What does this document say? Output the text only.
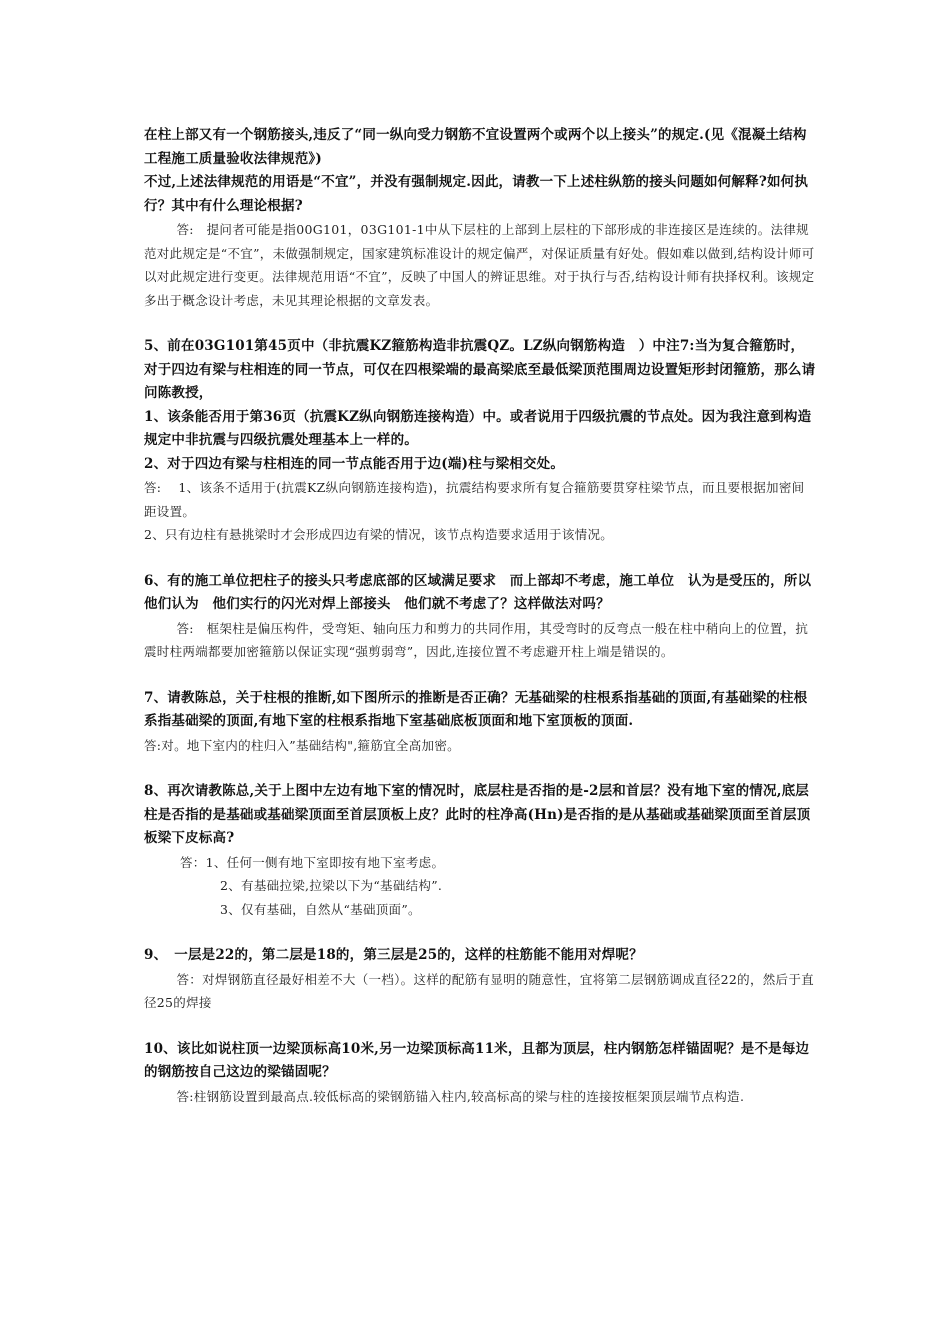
在柱上部又有一个钢筋接头,违反了“同一纵向受力钢筋不宜设置两个或两个以上接头”的规定.(见《混凝土结构工程施工质量验收法律规范》)

不过,上述法律规范的用语是“不宜”，并没有强制规定.因此，请教一下上述柱纵筋的接头问题如何解释?如何执行？其中有什么理论根据?

答:　提问者可能是指00G101，03G101-1中从下层柱的上部到上层柱的下部形成的非连接区是连续的。法律规范对此规定是“不宜”，未做强制规定，国家建筑标准设计的规定偏严，对保证质量有好处。假如难以做到,结构设计师可以对此规定进行变更。法律规范用语“不宜”，反映了中国人的辨证思维。对于执行与否,结构设计师有抉择权利。该规定多出于概念设计考虑，未见其理论根据的文章发表。

5、前在03G101第45页中（非抗震KZ箍筋构造非抗震QZ。LZ纵向钢筋构造　）中注7:当为复合箍筋时，对于四边有梁与柱相连的同一节点，可仅在四根梁端的最高梁底至最低梁顶范围周边设置矩形封闭箍筋，那么请问陈教授，

1、该条能否用于第36页（抗震KZ纵向钢筋连接构造）中。或者说用于四级抗震的节点处。因为我注意到构造规定中非抗震与四级抗震处理基本上一样的。

2、对于四边有梁与柱相连的同一节点能否用于边(端)柱与梁相交处。

答:　 1、该条不适用于(抗震KZ纵向钢筋连接构造)，抗震结构要求所有复合箍筋要贯穿柱梁节点，而且要根据加密间距设置。

2、只有边柱有悬挑梁时才会形成四边有梁的情况，该节点构造要求适用于该情况。

6、有的施工单位把柱子的接头只考虑底部的区域满足要求　而上部却不考虑，施工单位　认为是受压的，所以他们认为　他们实行的闪光对焊上部接头　他们就不考虑了？这样做法对吗？

答:　框架柱是偏压构件，受弯矩、轴向压力和剪力的共同作用，其受弯时的反弯点一般在柱中稍向上的位置，抗震时柱两端都要加密箍筋以保证实现“强剪弱弯”，因此,连接位置不考虑避开柱上端是错误的。

7、请教陈总，关于柱根的推断,如下图所示的推断是否正确？无基础梁的柱根系指基础的顶面,有基础梁的柱根系指基础梁的顶面,有地下室的柱根系指地下室基础底板顶面和地下室顶板的顶面.

答:对。地下室内的柱归入”基础结构",箍筋宜全高加密。

8、再次请教陈总,关于上图中左边有地下室的情况时，底层柱是否指的是-2层和首层？没有地下室的情况,底层柱是否指的是基础或基础梁顶面至首层顶板上皮？此时的柱净高(Hn)是否指的是从基础或基础梁顶面至首层顶板梁下皮标高?

答：1、任何一侧有地下室即按有地下室考虑。

2、有基础拉梁,拉梁以下为“基础结构”.

3、仅有基础，自然从“基础顶面”。

9、　一层是22的，第二层是18的，第三层是25的，这样的柱筋能不能用对焊呢？

答：对焊钢筋直径最好相差不大（一档）。这样的配筋有显明的随意性，宜将第二层钢筋调成直径22的，然后于直径25的焊接

10、该比如说柱顶一边梁顶标高10米,另一边梁顶标高11米，且都为顶层，柱内钢筋怎样锚固呢？是不是每边的钢筋按自己这边的梁锚固呢？

答:柱钢筋设置到最高点.较低标高的梁钢筋锚入柱内,较高标高的梁与柱的连接按框架顶层端节点构造.
